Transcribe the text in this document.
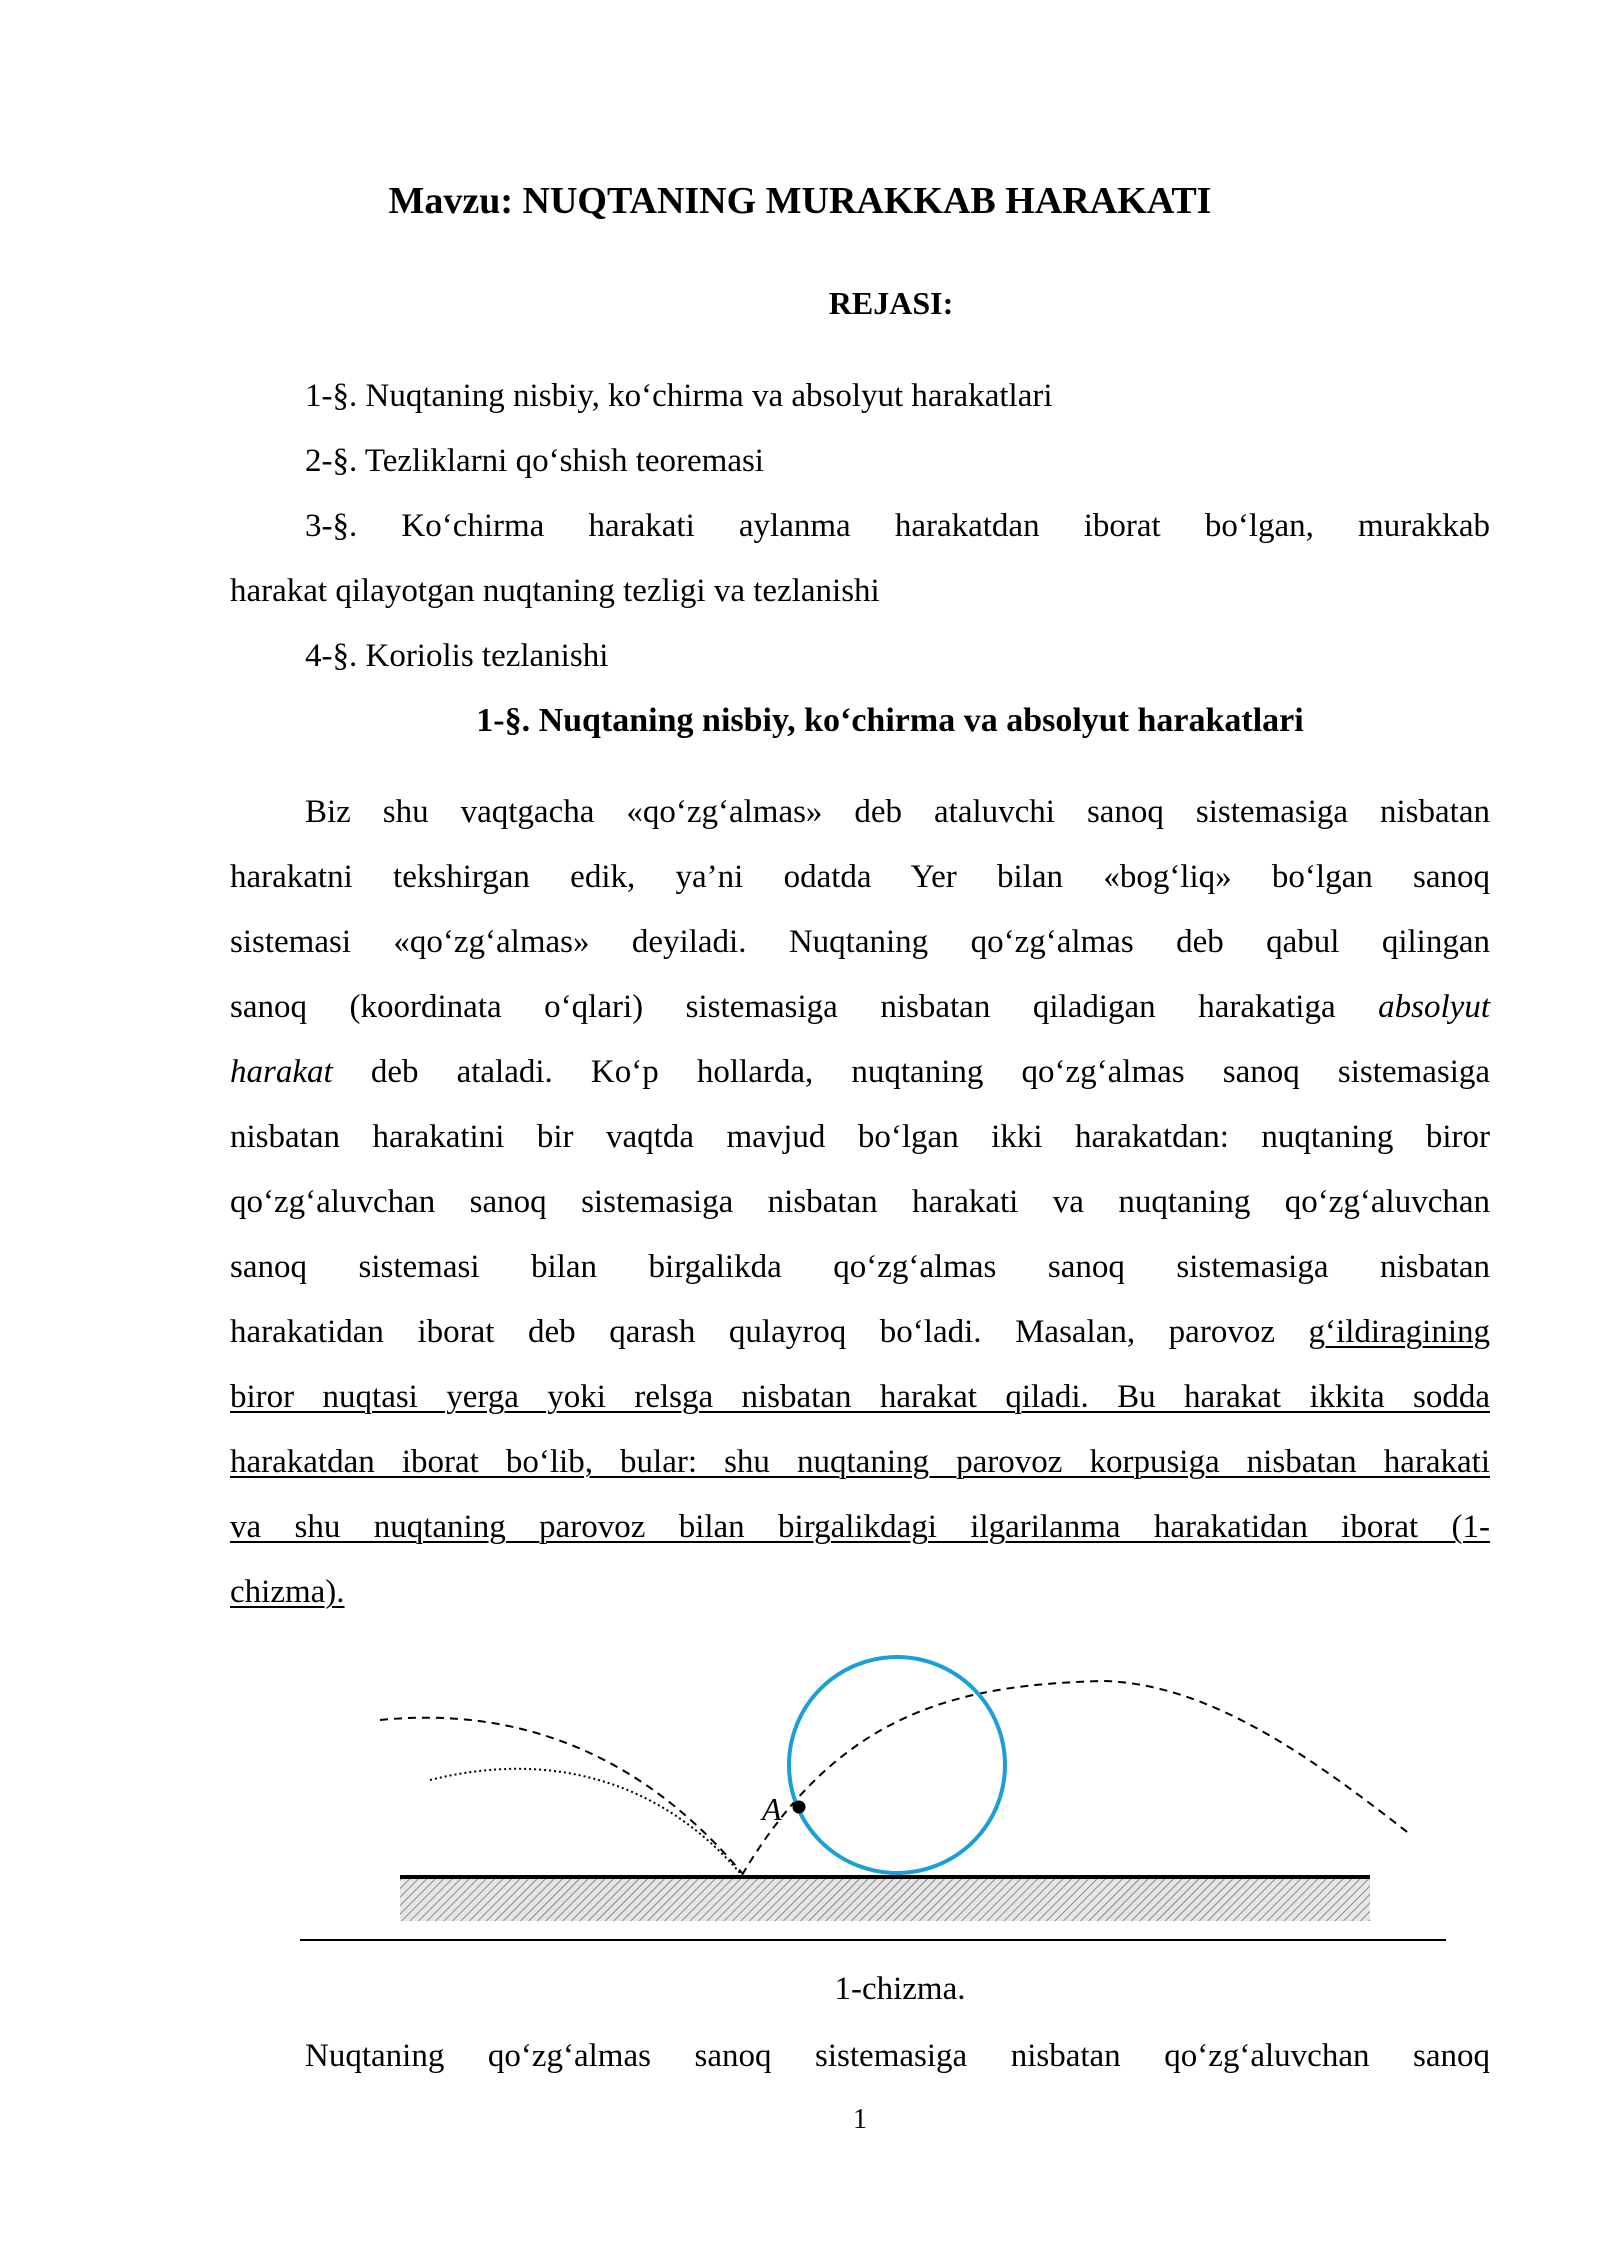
Mavzu: NUQTANING MURAKKAB HARAKATI
REJASI:
1-§. Nuqtaning nisbiy, ko‘chirma va absolyut harakatlari
2-§. Tezliklarni qo‘shish teoremasi
3-§. Ko‘chirma harakati aylanma harakatdan iborat bo‘lgan, murakkab
harakat qilayotgan nuqtaning tezligi va tezlanishi
4-§. Koriolis tezlanishi
1-§. Nuqtaning nisbiy, ko‘chirma va absolyut harakatlari
Biz shu vaqtgacha «qo‘zg‘almas» deb ataluvchi sanoq sistemasiga nisbatan
harakatni tekshirgan edik, ya’ni odatda Yer bilan «bog‘liq» bo‘lgan sanoq
sistemasi «qo‘zg‘almas» deyiladi. Nuqtaning qo‘zg‘almas deb qabul qilingan
sanoq (koordinata o‘qlari) sistemasiga nisbatan qiladigan harakatiga absolyut
harakat deb ataladi. Ko‘p hollarda, nuqtaning qo‘zg‘almas sanoq sistemasiga
nisbatan harakatini bir vaqtda mavjud bo‘lgan ikki harakatdan: nuqtaning biror
qo‘zg‘aluvchan sanoq sistemasiga nisbatan harakati va nuqtaning qo‘zg‘aluvchan
sanoq sistemasi bilan birgalikda qo‘zg‘almas sanoq sistemasiga nisbatan
harakatidan iborat deb qarash qulayroq bo‘ladi. Masalan, parovoz g‘ildiragining
biror nuqtasi yerga yoki relsga nisbatan harakat qiladi. Bu harakat ikkita sodda
harakatdan iborat bo‘lib, bular: shu nuqtaning parovoz korpusiga nisbatan harakati
va shu nuqtaning parovoz bilan birgalikdagi ilgarilanma harakatidan iborat (1-
chizma).
A
1-chizma.
Nuqtaning qo‘zg‘almas sanoq sistemasiga nisbatan qo‘zg‘aluvchan sanoq
1
